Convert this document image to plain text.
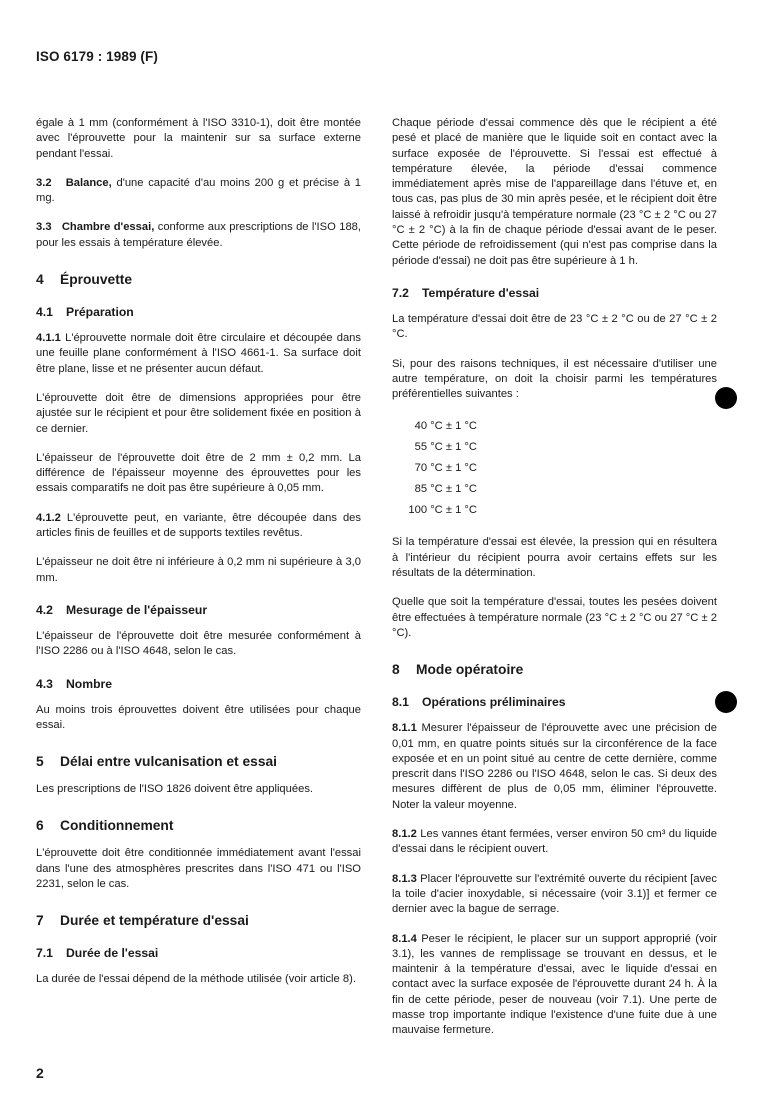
ISO 6179 : 1989 (F)

égale à 1 mm (conformément à l'ISO 3310-1), doit être montée avec l'éprouvette pour la maintenir sur sa surface externe pendant l'essai.

3.2 Balance, d'une capacité d'au moins 200 g et précise à 1 mg.

3.3 Chambre d'essai, conforme aux prescriptions de l'ISO 188, pour les essais à température élevée.

4 Éprouvette
4.1 Préparation

4.1.1 L'éprouvette normale doit être circulaire et découpée dans une feuille plane conformément à l'ISO 4661-1. Sa surface doit être plane, lisse et ne présenter aucun défaut.

L'éprouvette doit être de dimensions appropriées pour être ajustée sur le récipient et pour être solidement fixée en position à ce dernier.

L'épaisseur de l'éprouvette doit être de 2 mm ± 0,2 mm. La différence de l'épaisseur moyenne des éprouvettes pour les essais comparatifs ne doit pas être supérieure à 0,05 mm.

4.1.2 L'éprouvette peut, en variante, être découpée dans des articles finis de feuilles et de supports textiles revêtus.

L'épaisseur ne doit être ni inférieure à 0,2 mm ni supérieure à 3,0 mm.

4.2 Mesurage de l'épaisseur

L'épaisseur de l'éprouvette doit être mesurée conformément à l'ISO 2286 ou à l'ISO 4648, selon le cas.

4.3 Nombre

Au moins trois éprouvettes doivent être utilisées pour chaque essai.

5 Délai entre vulcanisation et essai

Les prescriptions de l'ISO 1826 doivent être appliquées.

6 Conditionnement

L'éprouvette doit être conditionnée immédiatement avant l'essai dans l'une des atmosphères prescrites dans l'ISO 471 ou l'ISO 2231, selon le cas.

7 Durée et température d'essai
7.1 Durée de l'essai

La durée de l'essai dépend de la méthode utilisée (voir article 8).

Chaque période d'essai commence dès que le récipient a été pesé et placé de manière que le liquide soit en contact avec la surface exposée de l'éprouvette. Si l'essai est effectué à température élevée, la période d'essai commence immédiatement après mise de l'appareillage dans l'étuve et, en tous cas, pas plus de 30 min après pesée, et le récipient doit être laissé à refroidir jusqu'à température normale (23 °C ± 2 °C ou 27 °C ± 2 °C) à la fin de chaque période d'essai avant de le peser. Cette période de refroidissement (qui n'est pas comprise dans la période d'essai) ne doit pas être supérieure à 1 h.

7.2 Température d'essai

La température d'essai doit être de 23 °C ± 2 °C ou de 27 °C ± 2 °C.

Si, pour des raisons techniques, il est nécessaire d'utiliser une autre température, on doit la choisir parmi les températures préférentielles suivantes :

40 °C ± 1 °C
55 °C ± 1 °C
70 °C ± 1 °C
85 °C ± 1 °C
100 °C ± 1 °C

Si la température d'essai est élevée, la pression qui en résultera à l'intérieur du récipient pourra avoir certains effets sur les résultats de la détermination.

Quelle que soit la température d'essai, toutes les pesées doivent être effectuées à température normale (23 °C ± 2 °C ou 27 °C ± 2 °C).

8 Mode opératoire
8.1 Opérations préliminaires

8.1.1 Mesurer l'épaisseur de l'éprouvette avec une précision de 0,01 mm, en quatre points situés sur la circonférence de la face exposée et en un point situé au centre de cette dernière, comme prescrit dans l'ISO 2286 ou l'ISO 4648, selon le cas. Si deux des mesures diffèrent de plus de 0,05 mm, éliminer l'éprouvette. Noter la valeur moyenne.

8.1.2 Les vannes étant fermées, verser environ 50 cm³ du liquide d'essai dans le récipient ouvert.

8.1.3 Placer l'éprouvette sur l'extrémité ouverte du récipient [avec la toile d'acier inoxydable, si nécessaire (voir 3.1)] et fermer ce dernier avec la bague de serrage.

8.1.4 Peser le récipient, le placer sur un support approprié (voir 3.1), les vannes de remplissage se trouvant en dessus, et le maintenir à la température d'essai, avec le liquide d'essai en contact avec la surface exposée de l'éprouvette durant 24 h. À la fin de cette période, peser de nouveau (voir 7.1). Une perte de masse trop importante indique l'existence d'une fuite due à une mauvaise fermeture.

2
